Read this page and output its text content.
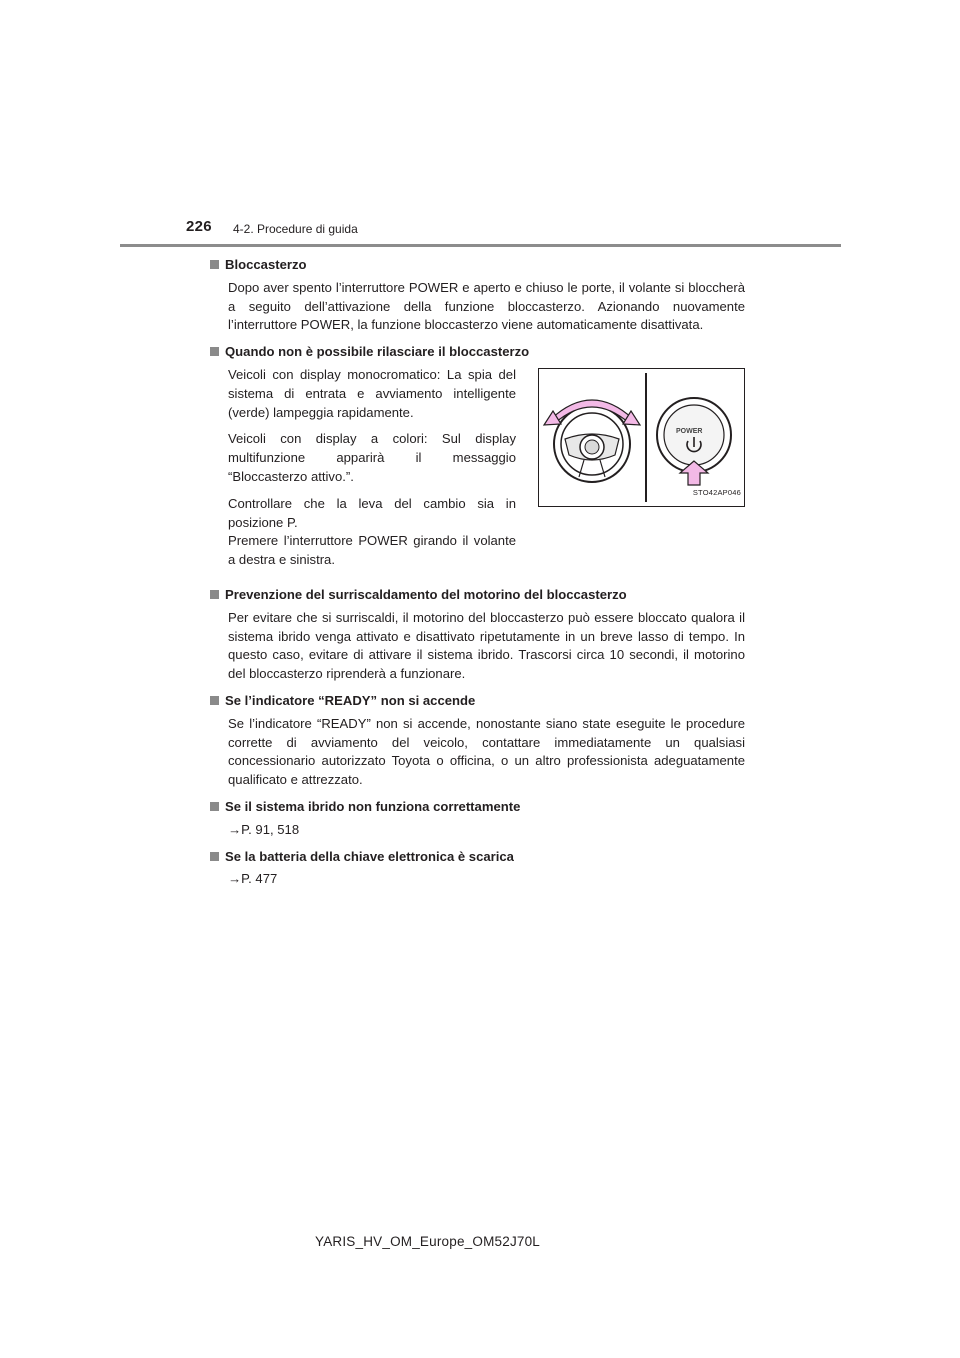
226 4-2. Procedure di guida
Bloccasterzo
Dopo aver spento l’interruttore POWER e aperto e chiuso le porte, il volante si bloccherà a seguito dell’attivazione della funzione bloccasterzo. Azionando nuovamente l’interruttore POWER, la funzione bloccasterzo viene automaticamente disattivata.
Quando non è possibile rilasciare il bloccasterzo

Veicoli con display monocromatico: La spia del sistema di entrata e avviamento intelligente (verde) lampeggia rapidamente.

Veicoli con display a colori: Sul display multifunzione apparirà il messaggio “Bloccasterzo attivo.”.

Controllare che la leva del cambio sia in posizione P.

Premere l’interruttore POWER girando il volante a destra e sinistra.

POWER
STO42AP046
Prevenzione del surriscaldamento del motorino del bloccasterzo
Per evitare che si surriscaldi, il motorino del bloccasterzo può essere bloccato qualora il sistema ibrido venga attivato e disattivato ripetutamente in un breve lasso di tempo. In questo caso, evitare di attivare il sistema ibrido. Trascorsi circa 10 secondi, il motorino del bloccasterzo riprenderà a funzionare.
Se l’indicatore “READY” non si accende
Se l’indicatore “READY” non si accende, nonostante siano state eseguite le procedure corrette di avviamento del veicolo, contattare immediatamente un qualsiasi concessionario autorizzato Toyota o officina, o un altro professionista adeguatamente qualificato e attrezzato.
Se il sistema ibrido non funziona correttamente
→P. 91, 518
Se la batteria della chiave elettronica è scarica
→P. 477
YARIS_HV_OM_Europe_OM52J70L
